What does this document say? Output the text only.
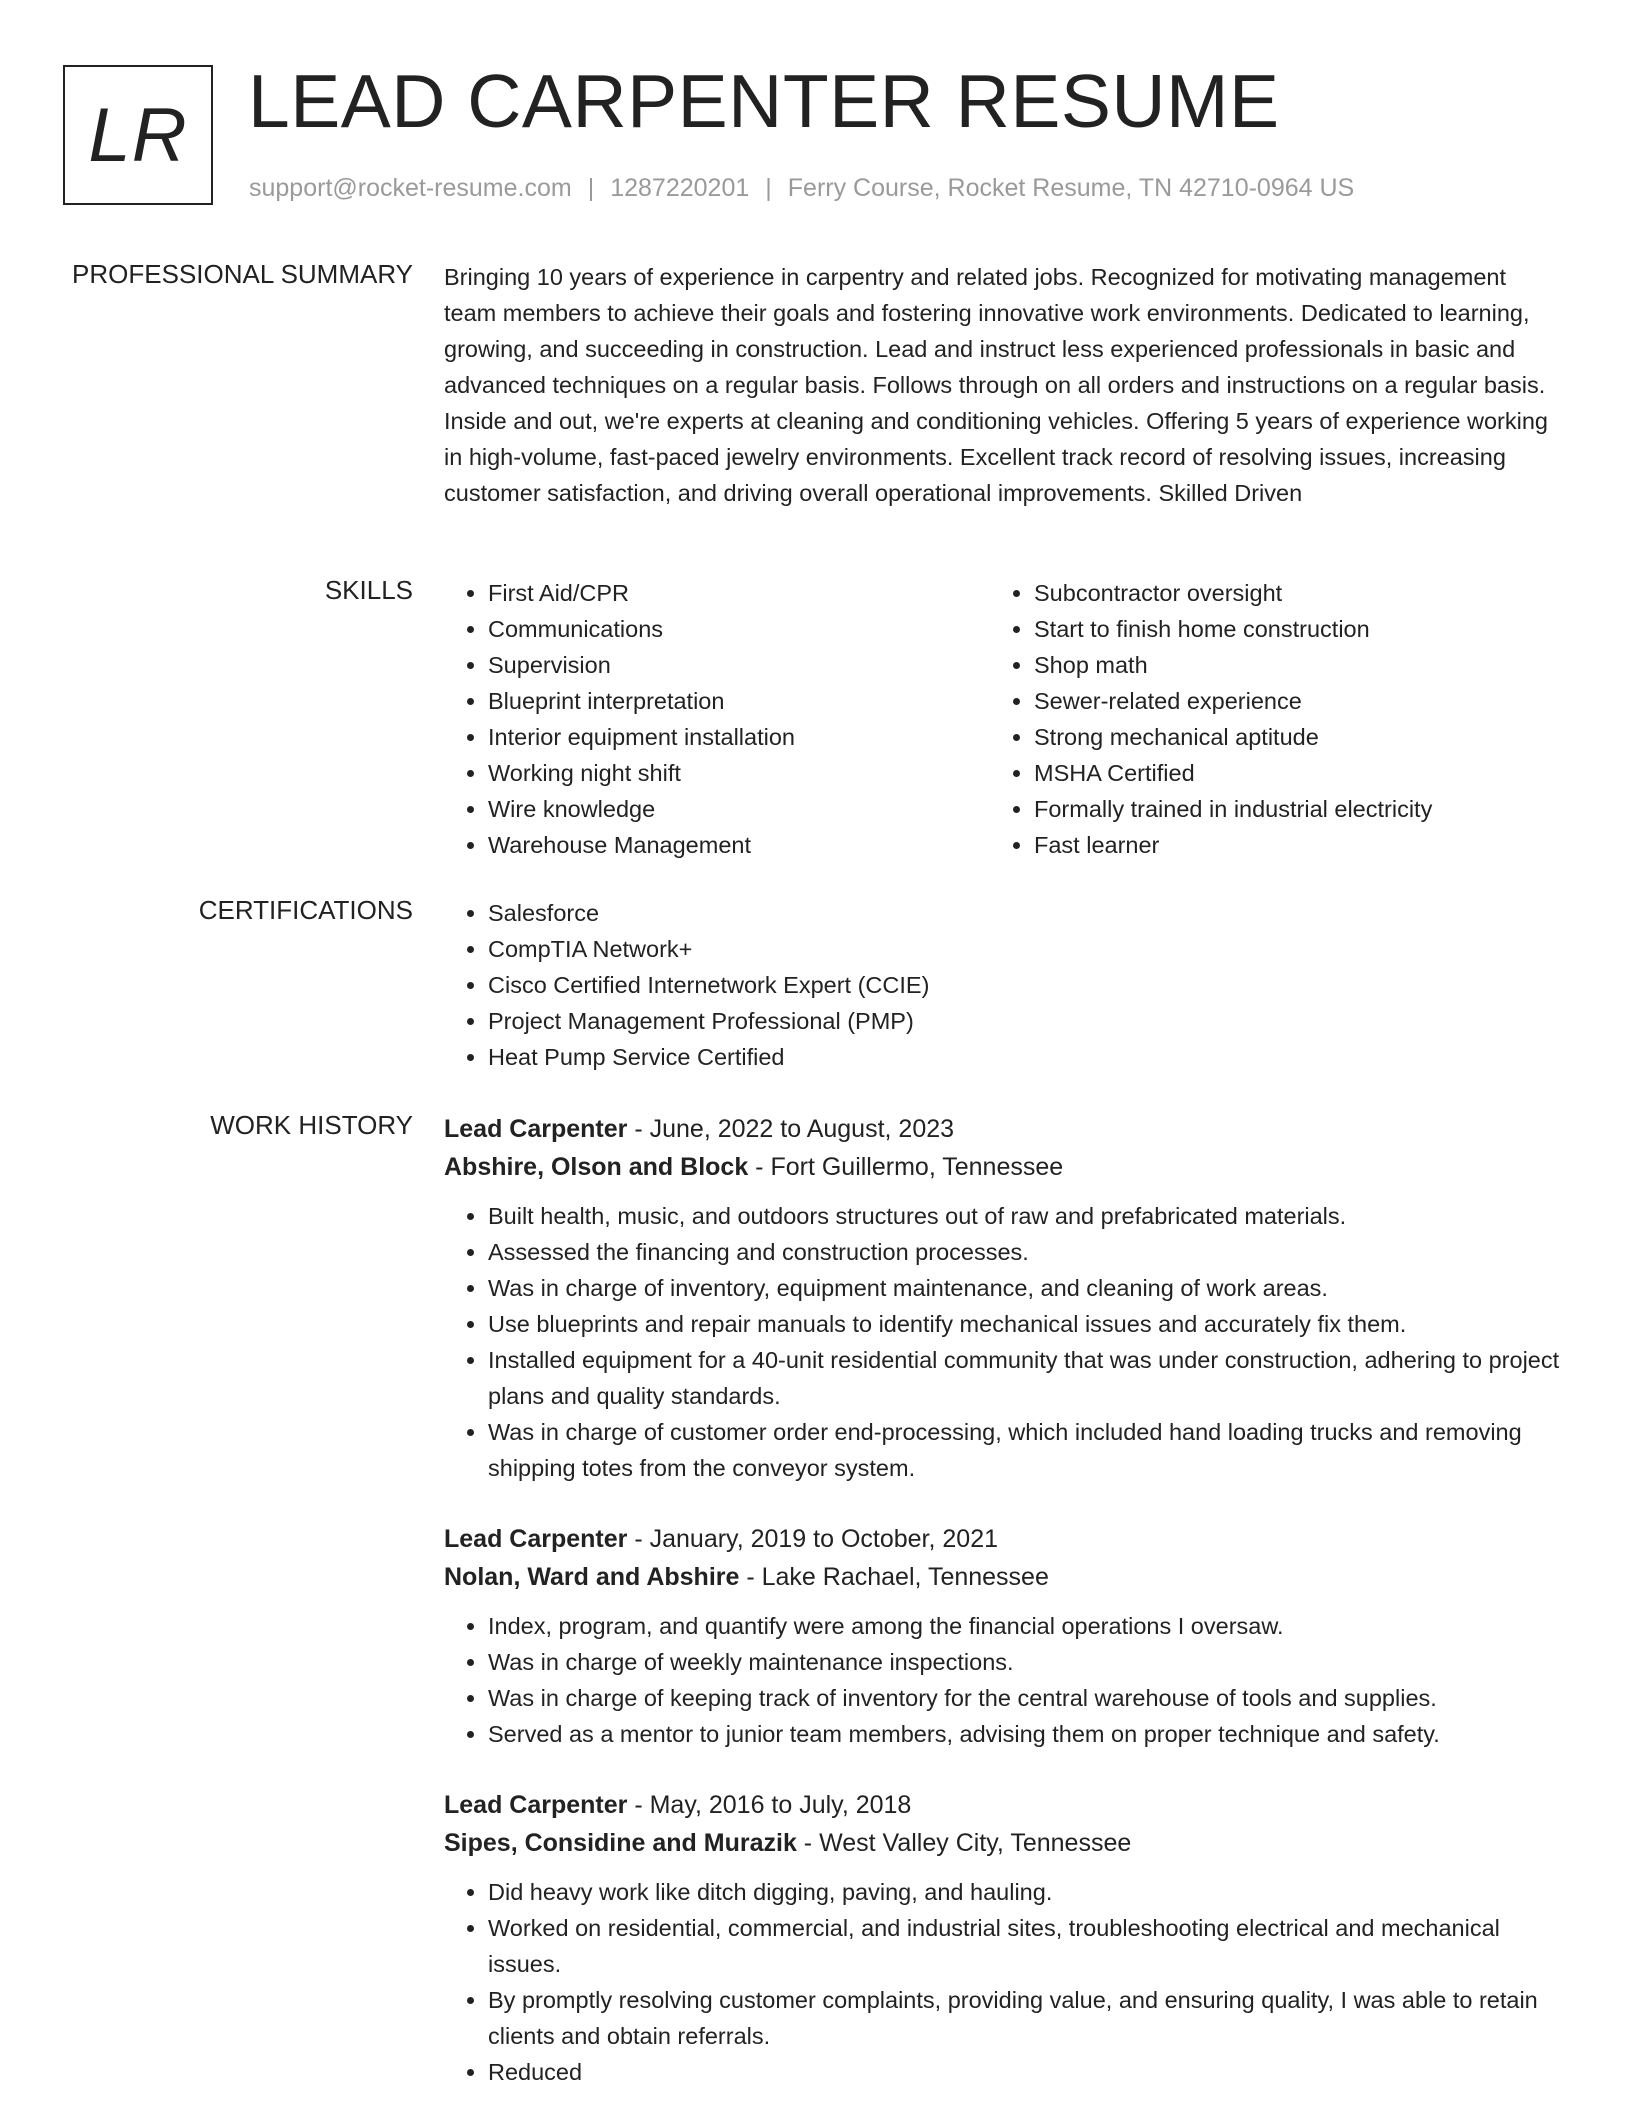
LR LEAD CARPENTER RESUME
support@rocket-resume.com | 1287220201 | Ferry Course, Rocket Resume, TN 42710-0964 US
PROFESSIONAL SUMMARY Bringing 10 years of experience in carpentry and related jobs. Recognized for motivating management team members to achieve their goals and fostering innovative work environments. Dedicated to learning, growing, and succeeding in construction. Lead and instruct less experienced professionals in basic and advanced techniques on a regular basis. Follows through on all orders and instructions on a regular basis. Inside and out, we're experts at cleaning and conditioning vehicles. Offering 5 years of experience working in high-volume, fast-paced jewelry environments. Excellent track record of resolving issues, increasing customer satisfaction, and driving overall operational improvements. Skilled Driven

SKILLS	• First Aid/CPR
• Communications
• Supervision
• Blueprint interpretation
• Interior equipment installation
• Working night shift
• Wire knowledge
• Warehouse Management
• Subcontractor oversight
• Start to finish home construction
• Shop math
• Sewer-related experience
• Strong mechanical aptitude
• MSHA Certified
• Formally trained in industrial electricity
• Fast learner
CERTIFICATIONS	• Salesforce
• CompTIA Network+
• Cisco Certified Internetwork Expert (CCIE)
• Project Management Professional (PMP)
• Heat Pump Service Certified
WORK HISTORY Lead Carpenter - June, 2022 to August, 2023
Abshire, Olson and Block - Fort Guillermo, Tennessee
• Built health, music, and outdoors structures out of raw and prefabricated materials.
• Assessed the financing and construction processes.
• Was in charge of inventory, equipment maintenance, and cleaning of work areas.
• Use blueprints and repair manuals to identify mechanical issues and accurately fix them.
• Installed equipment for a 40-unit residential community that was under construction, adhering to project plans and quality standards.
• Was in charge of customer order end-processing, which included hand loading trucks and removing shipping totes from the conveyor system.
Lead Carpenter - January, 2019 to October, 2021
Nolan, Ward and Abshire - Lake Rachael, Tennessee
• Index, program, and quantify were among the financial operations I oversaw.
• Was in charge of weekly maintenance inspections.
• Was in charge of keeping track of inventory for the central warehouse of tools and supplies.
• Served as a mentor to junior team members, advising them on proper technique and safety.
Lead Carpenter - May, 2016 to July, 2018
Sipes, Considine and Murazik - West Valley City, Tennessee
• Did heavy work like ditch digging, paving, and hauling.
• Worked on residential, commercial, and industrial sites, troubleshooting electrical and mechanical issues.
• By promptly resolving customer complaints, providing value, and ensuring quality, I was able to retain clients and obtain referrals.
• Reduced
